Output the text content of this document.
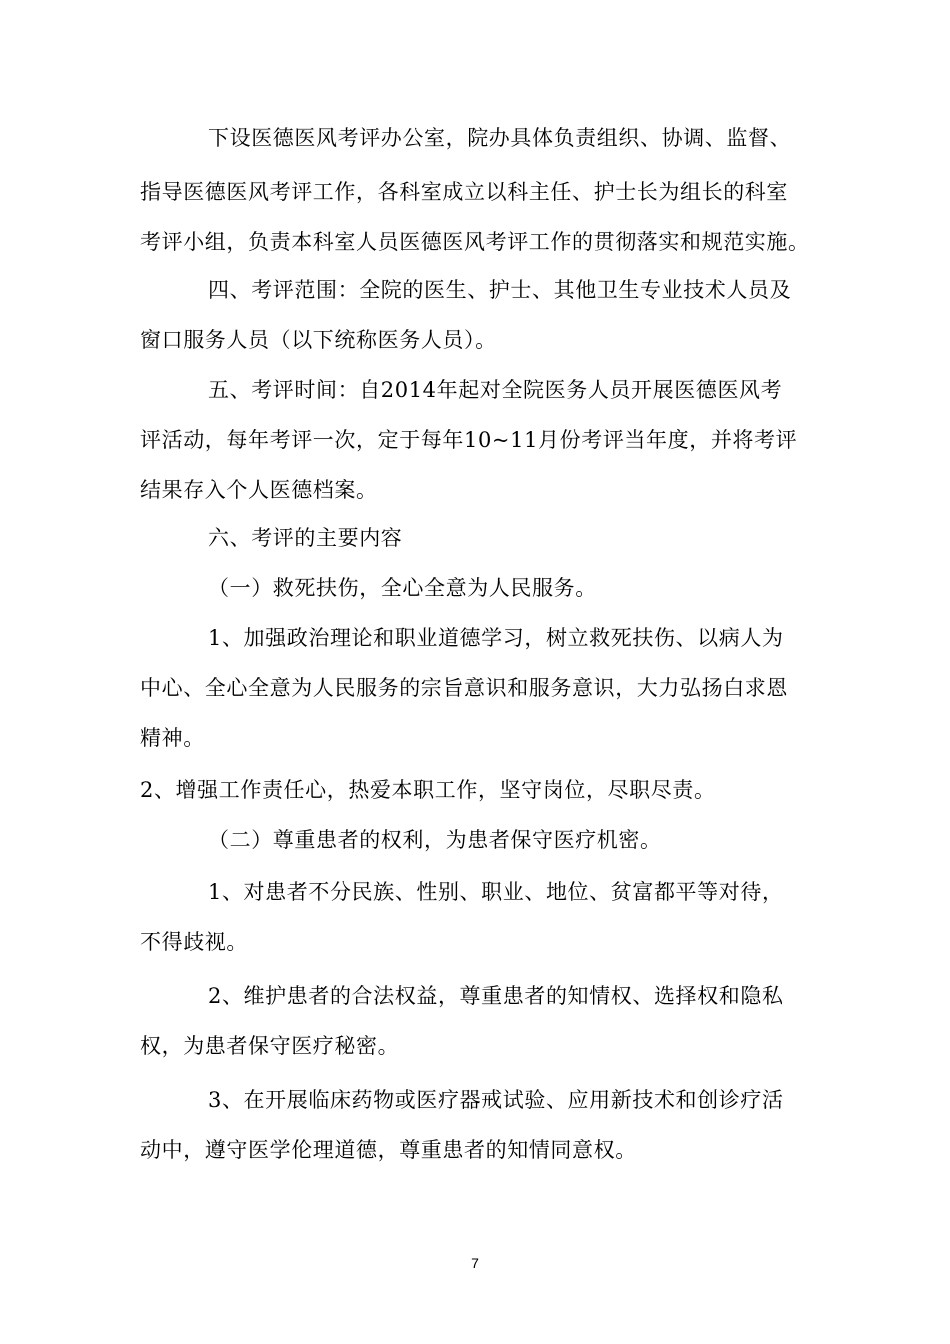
下设医德医风考评办公室，院办具体负责组织、协调、监督、
指导医德医风考评工作，各科室成立以科主任、护士长为组长的科室
考评小组，负责本科室人员医德医风考评工作的贯彻落实和规范实施。
四、考评范围：全院的医生、护士、其他卫生专业技术人员及
窗口服务人员（以下统称医务人员）。
五、考评时间：自2014年起对全院医务人员开展医德医风考
评活动，每年考评一次，定于每年10~11月份考评当年度，并将考评
结果存入个人医德档案。
六、考评的主要内容
（一）救死扶伤，全心全意为人民服务。
1、加强政治理论和职业道德学习，树立救死扶伤、以病人为
中心、全心全意为人民服务的宗旨意识和服务意识，大力弘扬白求恩
精神。
2、增强工作责任心，热爱本职工作，坚守岗位，尽职尽责。
（二）尊重患者的权利，为患者保守医疗机密。
1、对患者不分民族、性别、职业、地位、贫富都平等对待，
不得歧视。
2、维护患者的合法权益，尊重患者的知情权、选择权和隐私
权，为患者保守医疗秘密。
3、在开展临床药物或医疗器戒试验、应用新技术和创诊疗活
动中，遵守医学伦理道德，尊重患者的知情同意权。
7
